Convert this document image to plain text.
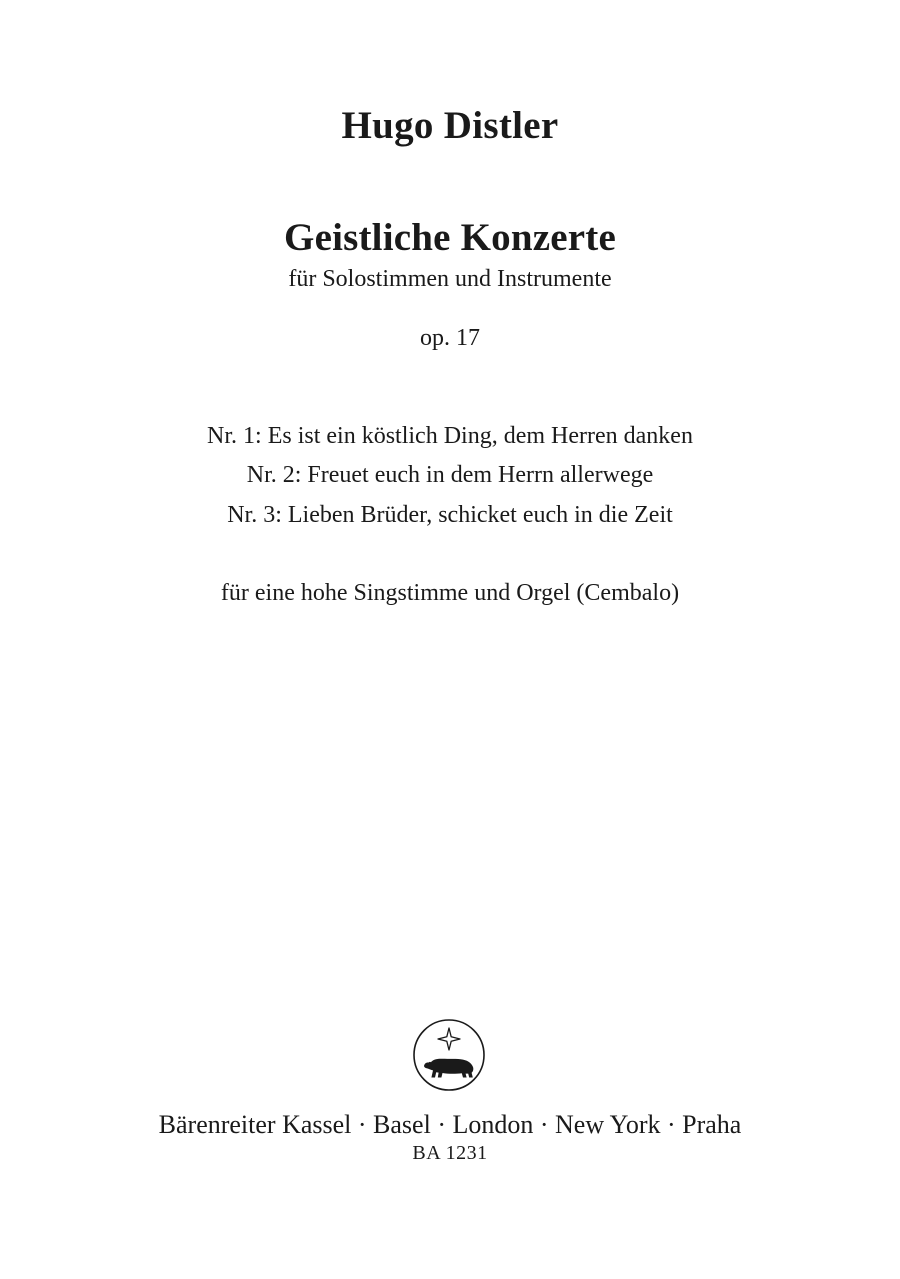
Hugo Distler
Geistliche Konzerte

für Solostimmen und Instrumente

op. 17

Nr. 1: Es ist ein köstlich Ding, dem Herren danken

Nr. 2: Freuet euch in dem Herrn allerwege

Nr. 3: Lieben Brüder, schicket euch in die Zeit

für eine hohe Singstimme und Orgel (Cembalo)

Bärenreiter Kassel · Basel · London · New York · Praha

BA 1231
